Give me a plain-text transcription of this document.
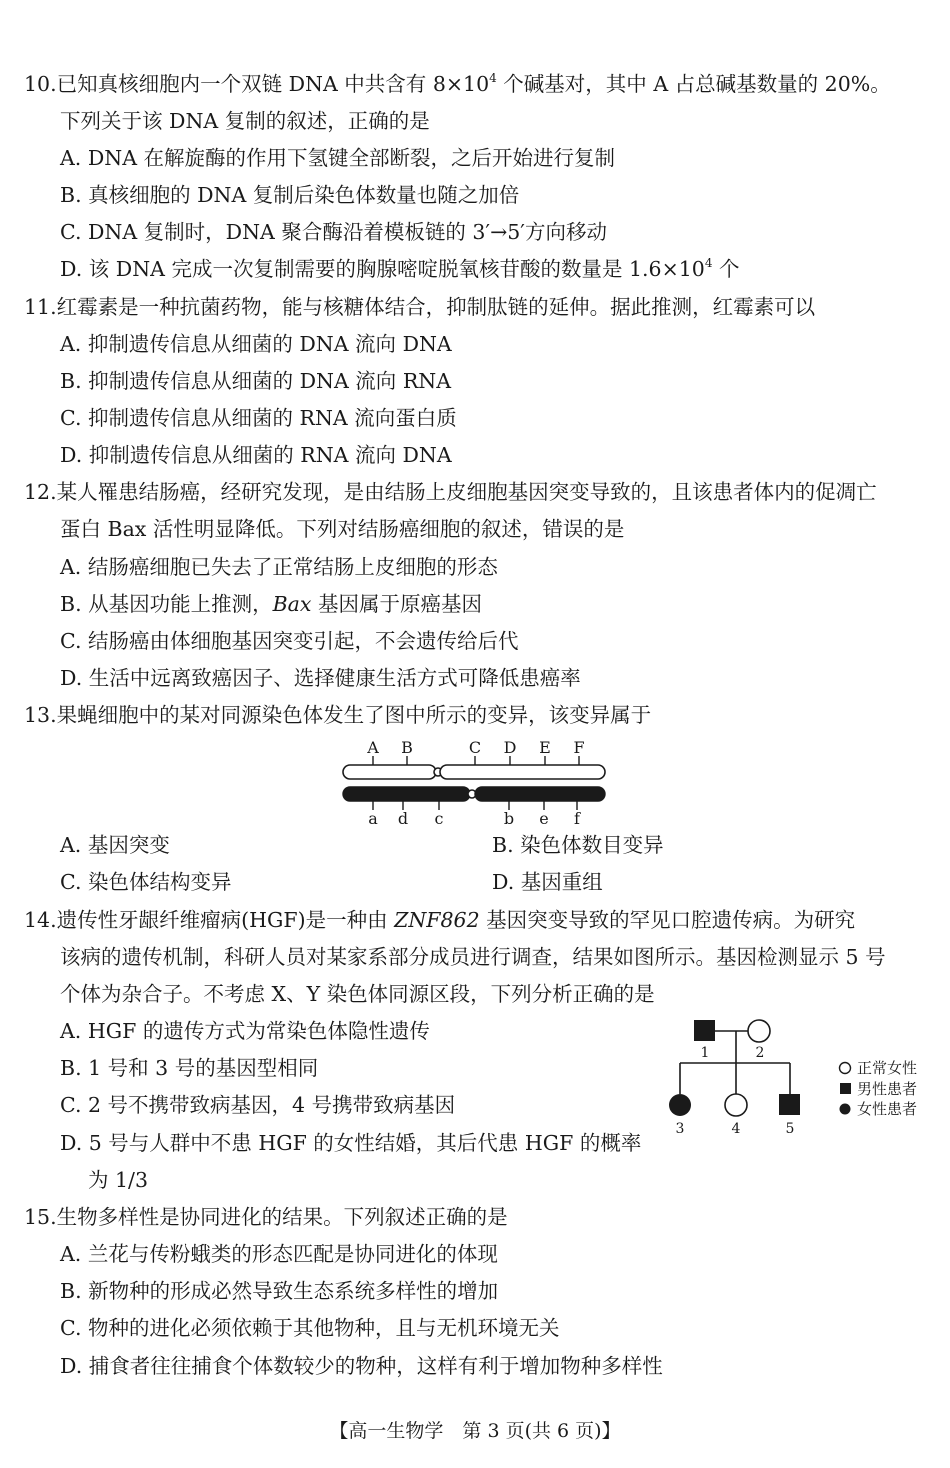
10.已知真核细胞内一个双链 DNA 中共含有 $8\times 10^4$ 个碱基对，其中 A 占总碱基数量的 20%。
下列关于该 DNA 复制的叙述，正确的是
A. DNA 在解旋酶的作用下氢键全部断裂，之后开始进行复制
B. 真核细胞的 DNA 复制后染色体数量也随之加倍
C. DNA 复制时，DNA 聚合酶沿着模板链的 3′→5′方向移动
D. 该 DNA 完成一次复制需要的胸腺嘧啶脱氧核苷酸的数量是 $1.6\times 10^4$ 个
11.红霉素是一种抗菌药物，能与核糖体结合，抑制肽链的延伸。据此推测，红霉素可以
A. 抑制遗传信息从细菌的 DNA 流向 DNA
B. 抑制遗传信息从细菌的 DNA 流向 RNA
C. 抑制遗传信息从细菌的 RNA 流向蛋白质
D. 抑制遗传信息从细菌的 RNA 流向 DNA
12.某人罹患结肠癌，经研究发现，是由结肠上皮细胞基因突变导致的，且该患者体内的促凋亡
蛋白 Bax 活性明显降低。下列对结肠癌细胞的叙述，错误的是
A. 结肠癌细胞已失去了正常结肠上皮细胞的形态
B. 从基因功能上推测，Bax 基因属于原癌基因
C. 结肠癌由体细胞基因突变引起，不会遗传给后代
D. 生活中远离致癌因子、选择健康生活方式可降低患癌率
13.果蝇细胞中的某对同源染色体发生了图中所示的变异，该变异属于
A B	C D E F
a d c	b e f
A. 基因突变	B. 染色体数目变异
C. 染色体结构变异	D. 基因重组
14.遗传性牙龈纤维瘤病(HGF)是一种由 ZNF862 基因突变导致的罕见口腔遗传病。为研究
该病的遗传机制，科研人员对某家系部分成员进行调查，结果如图所示。基因检测显示 5 号
个体为杂合子。不考虑 X、Y 染色体同源区段，下列分析正确的是
A. HGF 的遗传方式为常染色体隐性遗传
B. 1 号和 3 号的基因型相同
C. 2 号不携带致病基因，4 号携带致病基因
D. 5 号与人群中不患 HGF 的女性结婚，其后代患 HGF 的概率
为 1/3
1	2
3	4	5
正常女性
男性患者
女性患者
15.生物多样性是协同进化的结果。下列叙述正确的是
A. 兰花与传粉蛾类的形态匹配是协同进化的体现
B. 新物种的形成必然导致生态系统多样性的增加
C. 物种的进化必须依赖于其他物种，且与无机环境无关
D. 捕食者往往捕食个体数较少的物种，这样有利于增加物种多样性
【高一生物学　第 3 页(共 6 页)】
